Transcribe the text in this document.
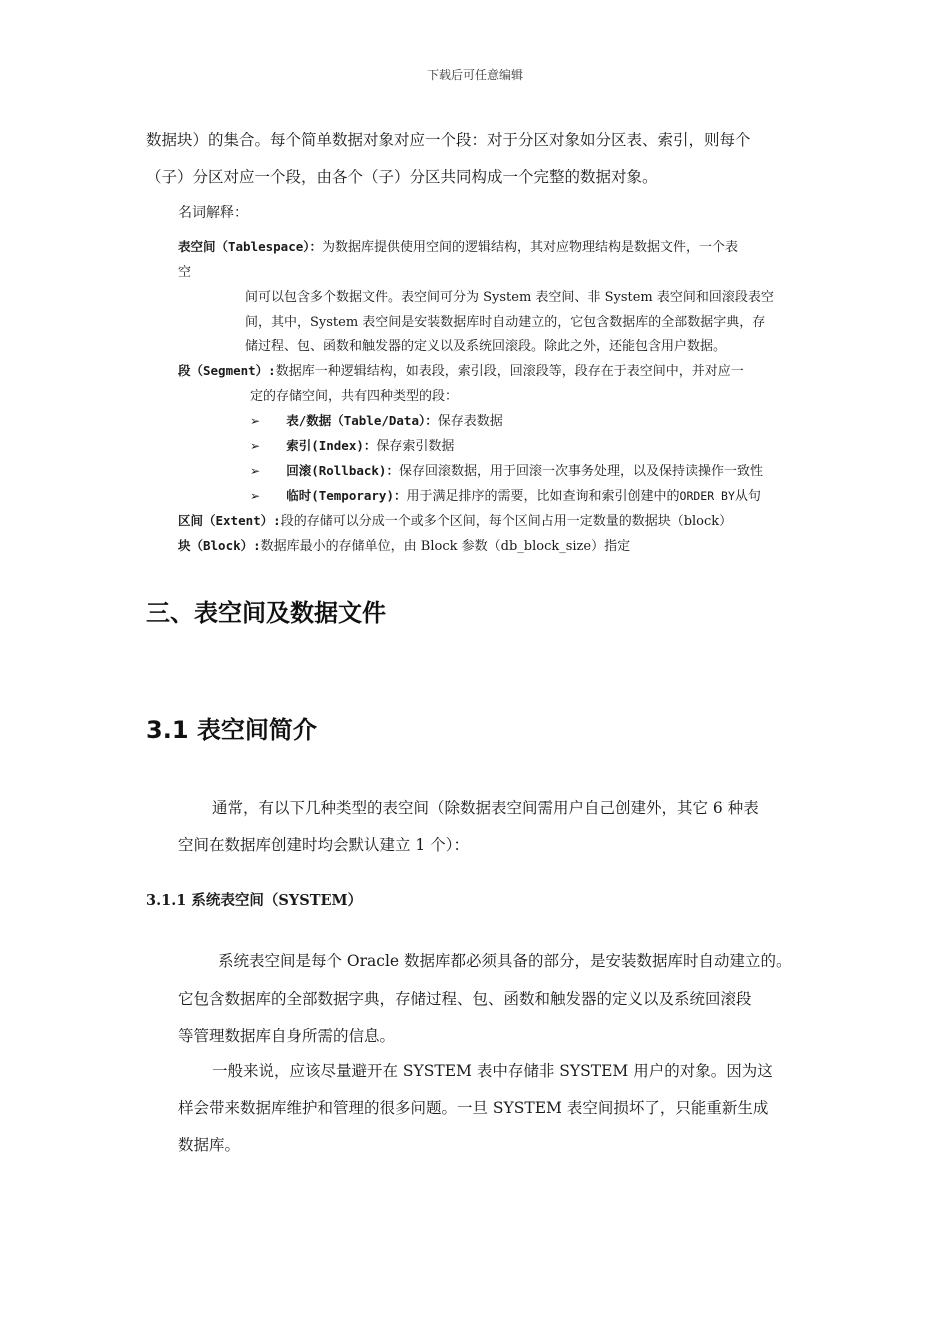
下载后可任意编辑
数据块）的集合。每个简单数据对象对应一个段：对于分区对象如分区表、索引，则每个
（子）分区对应一个段，由各个（子）分区共同构成一个完整的数据对象。
名词解释：
表空间（Tablespace）：为数据库提供使用空间的逻辑结构，其对应物理结构是数据文件，一个表
空
间可以包含多个数据文件。表空间可分为 System 表空间、非 System 表空间和回滚段表空
间，其中，System 表空间是安装数据库时自动建立的，它包含数据库的全部数据字典，存
储过程、包、函数和触发器的定义以及系统回滚段。除此之外，还能包含用户数据。
段（Segment）:数据库一种逻辑结构，如表段，索引段，回滚段等，段存在于表空间中，并对应一
定的存储空间，共有四种类型的段：
➢ 表/数据（Table/Data）：保存表数据
➢ 索引(Index)：保存索引数据
➢ 回滚(Rollback)：保存回滚数据，用于回滚一次事务处理，以及保持读操作一致性
➢ 临时(Temporary)：用于满足排序的需要，比如查询和索引创建中的ORDER BY从句
区间（Extent）:段的存储可以分成一个或多个区间，每个区间占用一定数量的数据块（block）
块（Block）:数据库最小的存储单位，由 Block 参数（db_block_size）指定
三、表空间及数据文件
3.1 表空间简介
通常，有以下几种类型的表空间（除数据表空间需用户自己创建外，其它 6 种表
空间在数据库创建时均会默认建立 1 个）：
3.1.1 系统表空间（SYSTEM）
系统表空间是每个 Oracle 数据库都必须具备的部分，是安装数据库时自动建立的。
它包含数据库的全部数据字典，存储过程、包、函数和触发器的定义以及系统回滚段
等管理数据库自身所需的信息。
一般来说，应该尽量避开在 SYSTEM 表中存储非 SYSTEM 用户的对象。因为这
样会带来数据库维护和管理的很多问题。一旦 SYSTEM 表空间损坏了，只能重新生成
数据库。
